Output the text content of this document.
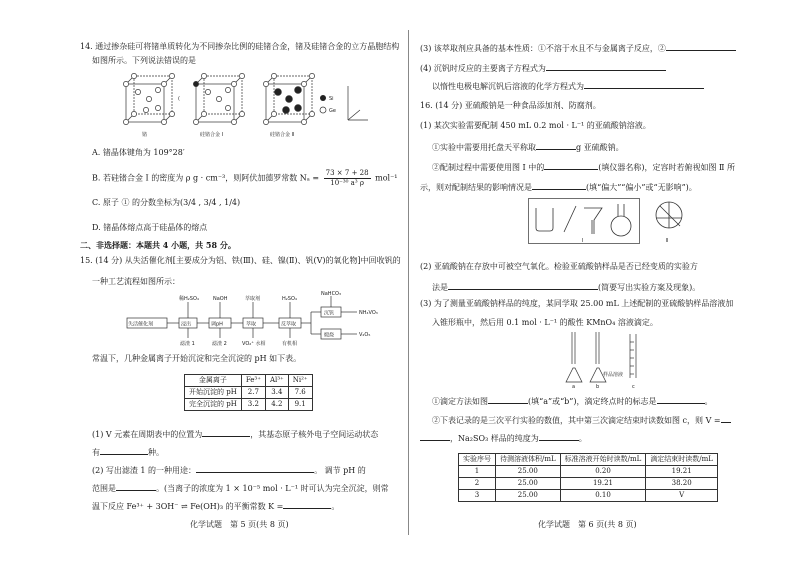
14. 通过掺杂硅可将锗单质转化为不同掺杂比例的硅锗合金，锗及硅锗合金的立方晶胞结构
如图所示。下列说法错误的是
锗	硅锗合金 Ⅰ
(
硅锗合金 Ⅱ
Si
Ge
A. 锗晶体键角为 109°28′
B. 若硅锗合金 Ⅰ 的密度为 ρ g · cm⁻³，则阿伏加德罗常数 $N_a = \frac{73 \times 7 + 28}{\text{10⁻³⁰ a³ ρ}} mol^{-1}$
C. 原子 ① 的分数坐标为(3/4 , 3/4 , 1/4)
D. 锗晶体熔点高于硅晶体的熔点
二、非选择题：本题共 4 小题，共 58 分。
15. (14 分) 从失活催化剂[主要成分为铝、铁(Ⅲ)、硅、镍(Ⅱ)、钒(Ⅴ)的氧化物]中回收钒的
一种工艺流程如图所示：
失活催化剂	浸出	调pH	萃取	反萃取
沉钒
煅烧
稀H₂SO₄	NaOH	萃取剂	H₂SO₄
NaHCO₃
滤渣 1	滤渣 2	VO₂⁺ 水相	有机相
NH₄VO₃
V₂O₅
常温下，几种金属离子开始沉淀和完全沉淀的 pH 如下表。
金属离子	Fe³⁺	Al³⁺	Ni²⁺
开始沉淀的 pH	2.7	3.4	7.6
完全沉淀的 pH	3.2	4.2	9.1
(1) V 元素在周期表中的位置为	，其基态原子核外电子空间运动状态
有	种。
(2) 写出滤渣 1 的一种用途：	。 调节 pH 的
范围是	。(当离子的浓度为 1 × 10⁻⁵ mol · L⁻¹ 时可认为完全沉淀，则常
温下反应 Fe³⁺ + 3OH⁻ ⇌ Fe(OH)₃ 的平衡常数 K =	。
化学试题　第 5 页(共 8 页)
(3) 该萃取剂应具备的基本性质：①不溶于水且不与金属离子反应，②
(4) 沉钒时反应的主要离子方程式为
以惰性电极电解沉钒后溶液的化学方程式为
16. (14 分) 亚硫酸钠是一种食品添加剂、防腐剂。
(1) 某次实验需要配制 450 mL 0.2 mol · L⁻¹ 的亚硫酸钠溶液。
①实验中需要用托盘天平称取	g 亚硫酸钠。
②配制过程中需要使用图 Ⅰ 中的	(填仪器名称)，定容时若俯视如图 Ⅱ 所
示，则对配制结果的影响情况是	(填“偏大”“偏小”或“无影响”)。
Ⅰ	Ⅱ
(2) 亚硫酸钠在存放中可被空气氧化。检验亚硫酸钠样品是否已经变质的实验方
法是	(简要写出实验方案及现象)。
(3) 为了测量亚硫酸钠样品的纯度，某同学取 25.00 mL 上述配制的亚硫酸钠样品溶液加
入锥形瓶中，然后用 0.1 mol · L⁻¹ 的酸性 KMnO₄ 溶液滴定。
样品溶液
a	b	c
①滴定方法如图	(填“a”或“b”)，滴定终点时的标志是	。
②下表记录的是三次平行实验的数值，其中第三次滴定结束时读数如图 c，则 V =
，Na₂SO₃ 样品的纯度为	。
实验序号	待测溶液体积/mL	标准溶液开始时读数/mL	滴定结束时读数/mL
1	25.00	0.20	19.21
2	25.00	19.21	38.20
3	25.00	0.10	V
化学试题　第 6 页(共 8 页)
